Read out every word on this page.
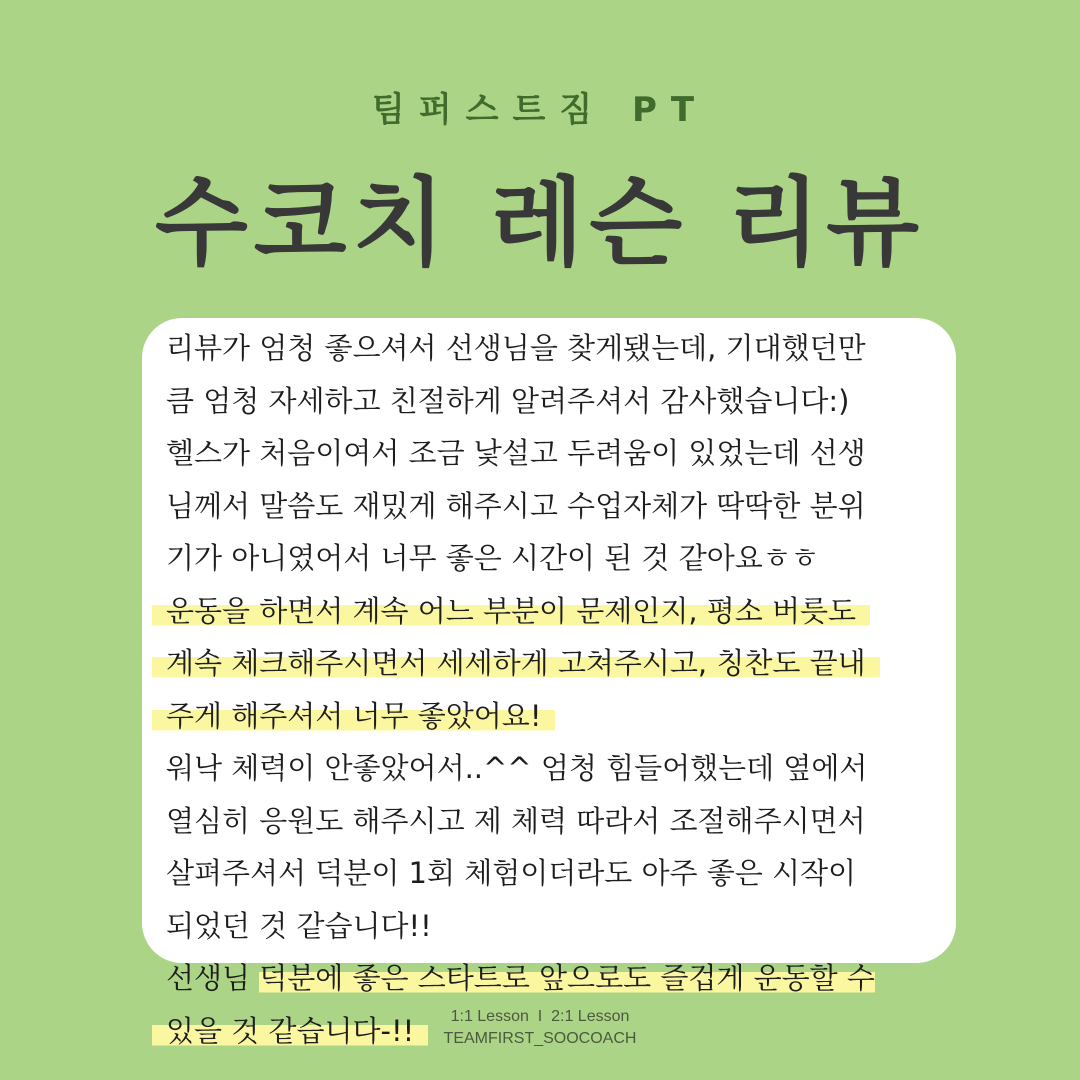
팀퍼스트짐 PT
수코치 레슨 리뷰
리뷰가 엄청 좋으셔서 선생님을 찾게됐는데, 기대했던만
큼 엄청 자세하고 친절하게 알려주셔서 감사했습니다:)
헬스가 처음이여서 조금 낯설고 두려움이 있었는데 선생
님께서 말씀도 재밌게 해주시고 수업자체가 딱딱한 분위
기가 아니였어서 너무 좋은 시간이 된 것 같아요ㅎㅎ
운동을 하면서 계속 어느 부분이 문제인지, 평소 버릇도
계속 체크해주시면서 세세하게 고쳐주시고, 칭찬도 끝내
주게 해주셔서 너무 좋았어요!
워낙 체력이 안좋았어서..^^ 엄청 힘들어했는데 옆에서
열심히 응원도 해주시고 제 체력 따라서 조절해주시면서
살펴주셔서 덕분이 1회 체험이더라도 아주 좋은 시작이
되었던 것 같습니다!!
선생님 덕분에 좋은 스타트로 앞으로도 즐겁게 운동할 수
있을 것 같습니다-!!	1:1 Lesson  I  2:1 Lesson
TEAMFIRST_SOOCOACH
